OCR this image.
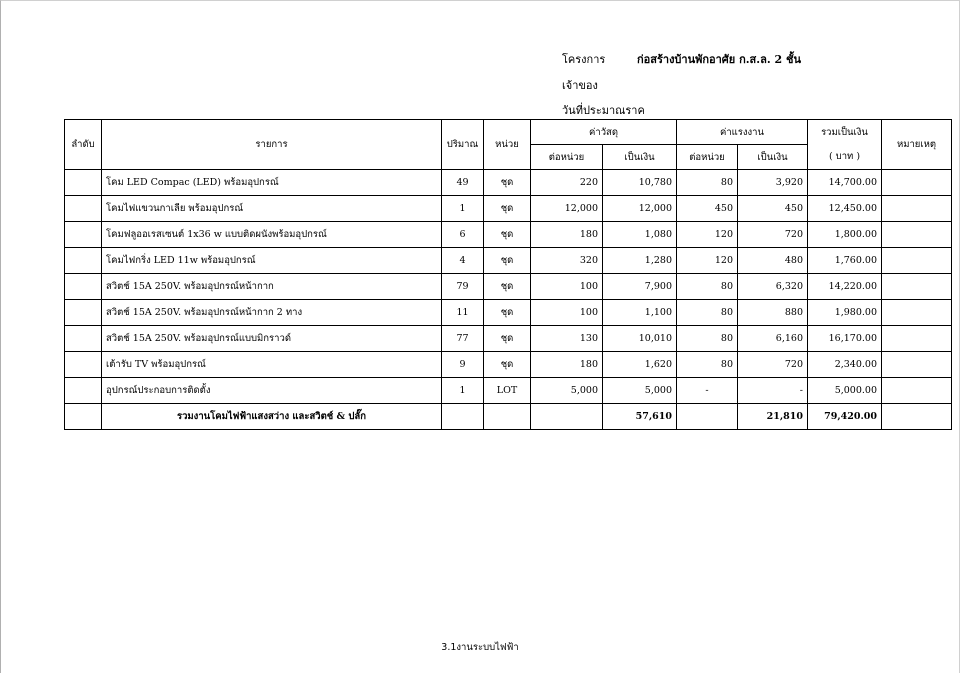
โครงการ	ก่อสร้างบ้านพักอาศัย ก.ส.ล. 2 ชั้น
เจ้าของ
วันที่ประมาณราค
ลำดับ	รายการ	ปริมาณ	หน่วย	ค่าวัสดุ		ค่าแรงงาน		รวมเป็นเงิน	หมายเหตุ
				ต่อหน่วย	เป็นเงิน	ต่อหน่วย	เป็นเงิน	( บาท )	
	โคม LED Compac (LED) พร้อมอุปกรณ์	49	ชุด	220	10,780	80	3,920	14,700.00	
	โคมไฟแขวนกาเลีย พร้อมอุปกรณ์	1	ชุด	12,000	12,000	450	450	12,450.00	
	โคมฟลูออเรสเซนต์ 1x36 w แบบติดผนังพร้อมอุปกรณ์	6	ชุด	180	1,080	120	720	1,800.00	
	โคมไฟกริ่ง LED 11w พร้อมอุปกรณ์	4	ชุด	320	1,280	120	480	1,760.00	
	สวิตช์ 15A 250V. พร้อมอุปกรณ์หน้ากาก	79	ชุด	100	7,900	80	6,320	14,220.00	
	สวิตช์ 15A 250V. พร้อมอุปกรณ์หน้ากาก 2 ทาง	11	ชุด	100	1,100	80	880	1,980.00	
	สวิตช์ 15A 250V. พร้อมอุปกรณ์แบบมิกราวด์	77	ชุด	130	10,010	80	6,160	16,170.00	
	เต้ารับ TV พร้อมอุปกรณ์	9	ชุด	180	1,620	80	720	2,340.00	
	อุปกรณ์ประกอบการติดตั้ง	1	LOT	5,000	5,000	-	-	5,000.00	
	รวมงานโคมไฟฟ้าแสงสว่าง และสวิตช์ & ปลั๊ก				57,610		21,810	79,420.00	
3.1งานระบบไฟฟ้า
